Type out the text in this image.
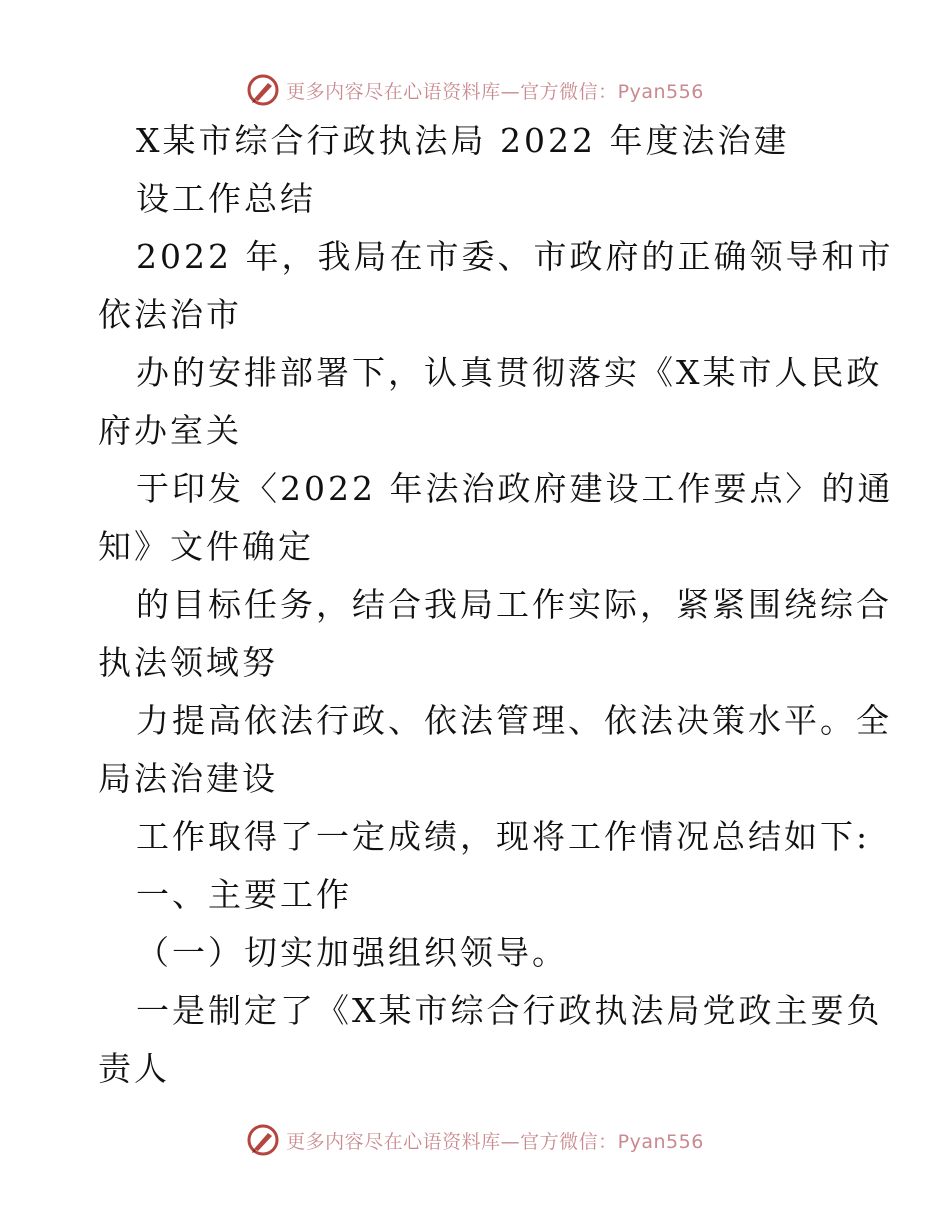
更多内容尽在心语资料库—官方微信：Pyan556
X某市综合行政执法局 2022 年度法治建
设工作总结
2022 年，我局在市委、市政府的正确领导和市
依法治市
办的安排部署下，认真贯彻落实《X某市人民政
府办室关
于印发〈2022 年法治政府建设工作要点〉的通
知》文件确定
的目标任务，结合我局工作实际，紧紧围绕综合
执法领域努
力提高依法行政、依法管理、依法决策水平。全
局法治建设
工作取得了一定成绩，现将工作情况总结如下:
一、主要工作
（一）切实加强组织领导。
一是制定了《X某市综合行政执法局党政主要负
责人
更多内容尽在心语资料库—官方微信：Pyan556
